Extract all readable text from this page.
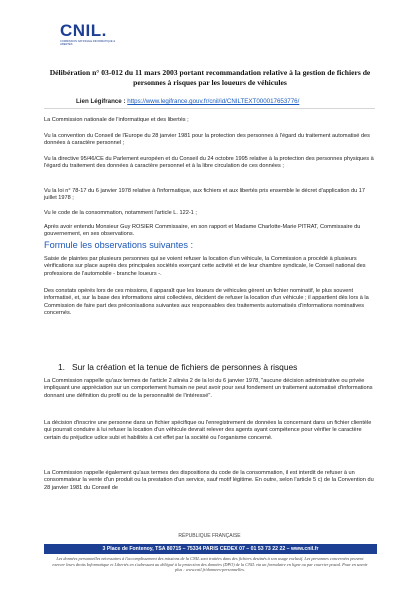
CNIL.
COMMISSION NATIONALE INFORMATIQUE & LIBERTÉS
Délibération n° 03-012 du 11 mars 2003 portant recommandation relative à la gestion de fichiers de personnes à risques par les loueurs de véhicules
Lien Légifrance : https://www.legifrance.gouv.fr/cnil/id/CNILTEXT000017653776/
La Commission nationale de l'informatique et des libertés ;
Vu la convention du Conseil de l'Europe du 28 janvier 1981 pour la protection des personnes à l'égard du traitement automatisé des données à caractère personnel ;
Vu la directive 95/46/CE du Parlement européen et du Conseil du 24 octobre 1995 relative à la protection des personnes physiques à l'égard du traitement des données à caractère personnel et à la libre circulation de ces données ;
Vu la loi n° 78-17 du 6 janvier 1978 relative à l'informatique, aux fichiers et aux libertés pris ensemble le décret d'application du 17 juillet 1978 ;
Vu le code de la consommation, notamment l'article L. 122-1 ;
Après avoir entendu Monsieur Guy ROSIER Commissaire, en son rapport et Madame Charlotte-Marie PITRAT, Commissaire du gouvernement, en ses observations.
Formule les observations suivantes :
Saisie de plaintes par plusieurs personnes qui se voient refuser la location d'un véhicule, la Commission a procédé à plusieurs vérifications sur place auprès des principales sociétés exerçant cette activité et de leur chambre syndicale, le Conseil national des professions de l'automobile - branche loueurs -.
Des constats opérés lors de ces missions, il apparaît que les loueurs de véhicules gèrent un fichier nominatif, le plus souvent informatisé, et, sur la base des informations ainsi collectées, décident de refuser la location d'un véhicule ; il appartient dès lors à la Commission de faire part des préconisations suivantes aux responsables des traitements automatisés d'informations nominatives concernés.
1. Sur la création et la tenue de fichiers de personnes à risques
La Commission rappelle qu'aux termes de l'article 2 alinéa 2 de la loi du 6 janvier 1978, "aucune décision administrative ou privée impliquant une appréciation sur un comportement humain ne peut avoir pour seul fondement un traitement automatisé d'informations donnant une définition du profil ou de la personnalité de l'intéressé".
La décision d'inscrire une personne dans un fichier spécifique ou l'enregistrement de données la concernant dans un fichier clientèle qui pourrait conduire à lui refuser la location d'un véhicule devrait relever des agents ayant compétence pour vérifier le caractère certain du préjudice udice subi et habilités à cet effet par la société ou l'organisme concerné.
La Commission rappelle également qu'aux termes des dispositions du code de la consommation, il est interdit de refuser à un consommateur la vente d'un produit ou la prestation d'un service, sauf motif légitime. En outre, selon l'article 5 c) de la Convention du 28 janvier 1981 du Conseil de
RÉPUBLIQUE FRANÇAISE
3 Place de Fontenoy, TSA 80715 – 75334 PARIS CEDEX 07 – 01 53 73 22 22 – www.cnil.fr
Les données personnelles nécessaires à l'accomplissement des missions de la CNIL sont traitées dans des fichiers destinés à son usage exclusif. Les personnes concernées peuvent exercer leurs droits Informatique et Libertés en s'adressant au délégué à la protection des données (DPO) de la CNIL via un formulaire en ligne ou par courrier postal. Pour en savoir plus : www.cnil.fr/donnees-personnelles.
